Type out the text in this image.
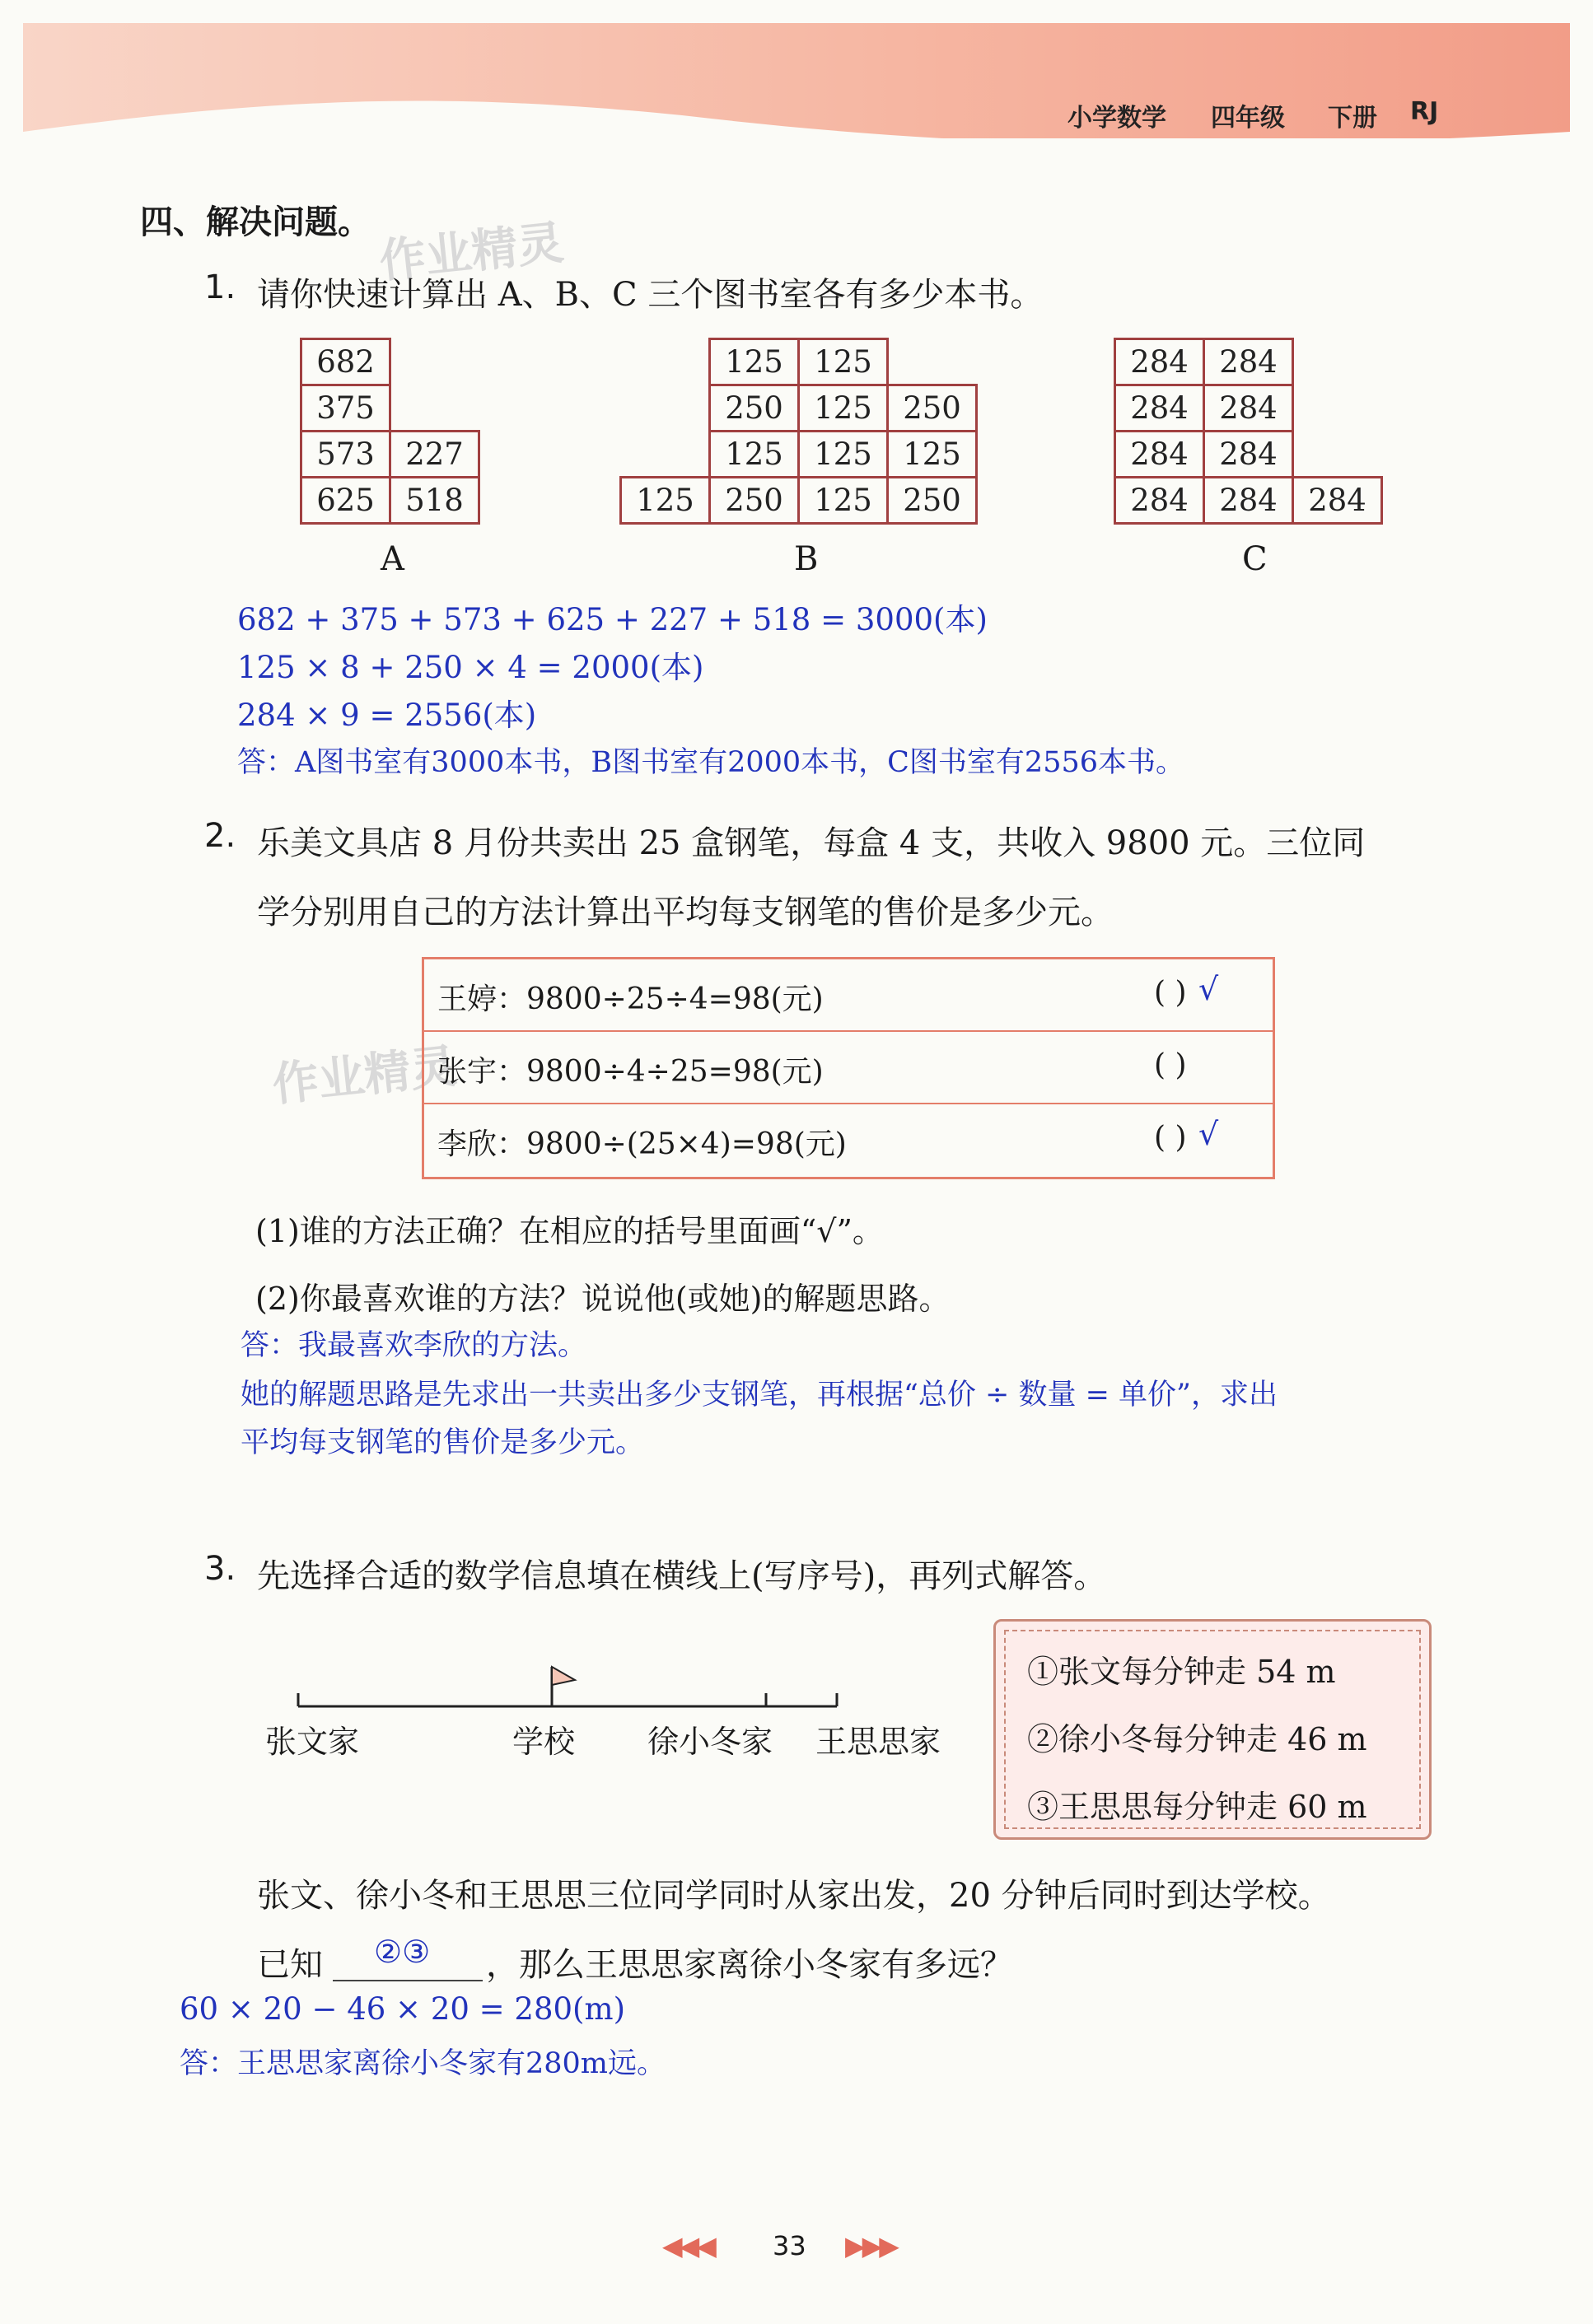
小学数学 四年级 下册 RJ
作业精灵
作业精灵
四、解决问题。
1. 请你快速计算出 A、B、C 三个图书室各有多少本书。
682	
375	
573	227
625	518
	125	125	
	250	125	250
	125	125	125
125	250	125	250
284	284	
284	284	
284	284	
284	284	284
A	B	C
682 + 375 + 573 + 625 + 227 + 518 = 3000(本)
125 × 8 + 250 × 4 = 2000(本)
284 × 9 = 2556(本)
答：A图书室有3000本书，B图书室有2000本书，C图书室有2556本书。
2. 乐美文具店 8 月份共卖出 25 盒钢笔，每盒 4 支，共收入 9800 元。三位同
学分别用自己的方法计算出平均每支钢笔的售价是多少元。
王婷：9800÷25÷4=98(元)	( ) √
张宇：9800÷4÷25=98(元)	( )
李欣：9800÷(25×4)=98(元)	( ) √
(1)谁的方法正确？在相应的括号里面画“√”。
(2)你最喜欢谁的方法？说说他(或她)的解题思路。
答：我最喜欢李欣的方法。
她的解题思路是先求出一共卖出多少支钢笔，再根据“总价 ÷ 数量 = 单价”，求出
平均每支钢笔的售价是多少元。
3. 先选择合适的数学信息填在横线上(写序号)，再列式解答。
张文家	学校 徐小冬家 王思思家
①张文每分钟走 54 m
②徐小冬每分钟走 46 m
③王思思每分钟走 60 m
张文、徐小冬和王思思三位同学同时从家出发，20 分钟后同时到达学校。
已知 ②③ ，那么王思思家离徐小冬家有多远？
60 × 20 − 46 × 20 = 280(m)
答：王思思家离徐小冬家有280m远。
◀◀◀ 33 ▶▶▶
